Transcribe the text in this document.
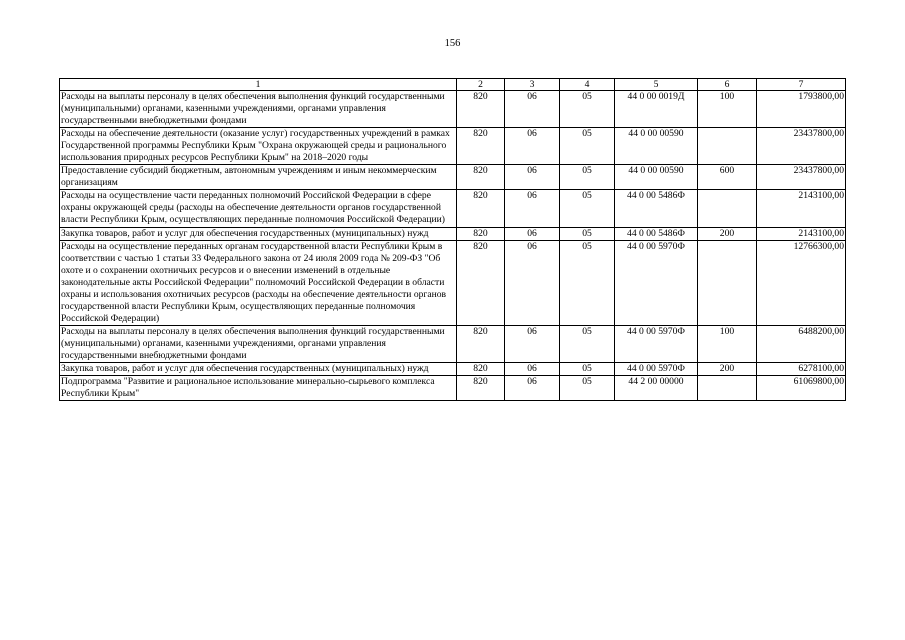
156
1	2	3	4	5	6	7
Расходы на выплаты персоналу в целях обеспечения выполнения функций государственными (муниципальными) органами, казенными учреждениями, органами управления государственными внебюджетными фондами	820	06	05	44 0 00 0019Д	100	1793800,00
Расходы на обеспечение деятельности (оказание услуг) государственных учреждений в рамках Государственной программы Республики Крым "Охрана окружающей среды и рационального использования природных ресурсов Республики Крым" на 2018–2020 годы	820	06	05	44 0 00 00590		23437800,00
Предоставление субсидий бюджетным, автономным учреждениям и иным некоммерческим организациям	820	06	05	44 0 00 00590	600	23437800,00
Расходы на осуществление части переданных полномочий Российской Федерации в сфере охраны окружающей среды (расходы на обеспечение деятельности органов государственной власти Республики Крым, осуществляющих переданные полномочия Российской Федерации)	820	06	05	44 0 00 5486Ф		2143100,00
Закупка товаров, работ и услуг для обеспечения государственных (муниципальных) нужд	820	06	05	44 0 00 5486Ф	200	2143100,00
Расходы на осуществление переданных органам государственной власти Республики Крым в соответствии с частью 1 статьи 33 Федерального закона от 24 июля 2009 года № 209-ФЗ "Об охоте и о сохранении охотничьих ресурсов и о внесении изменений в отдельные законодательные акты Российской Федерации" полномочий Российской Федерации в области охраны и использования охотничьих ресурсов (расходы на обеспечение деятельности органов государственной власти Республики Крым, осуществляющих переданные полномочия Российской Федерации)	820	06	05	44 0 00 5970Ф		12766300,00
Расходы на выплаты персоналу в целях обеспечения выполнения функций государственными (муниципальными) органами, казенными учреждениями, органами управления государственными внебюджетными фондами	820	06	05	44 0 00 5970Ф	100	6488200,00
Закупка товаров, работ и услуг для обеспечения государственных (муниципальных) нужд	820	06	05	44 0 00 5970Ф	200	6278100,00
Подпрограмма "Развитие и рациональное использование минерально-сырьевого комплекса Республики Крым"	820	06	05	44 2 00 00000		61069800,00
